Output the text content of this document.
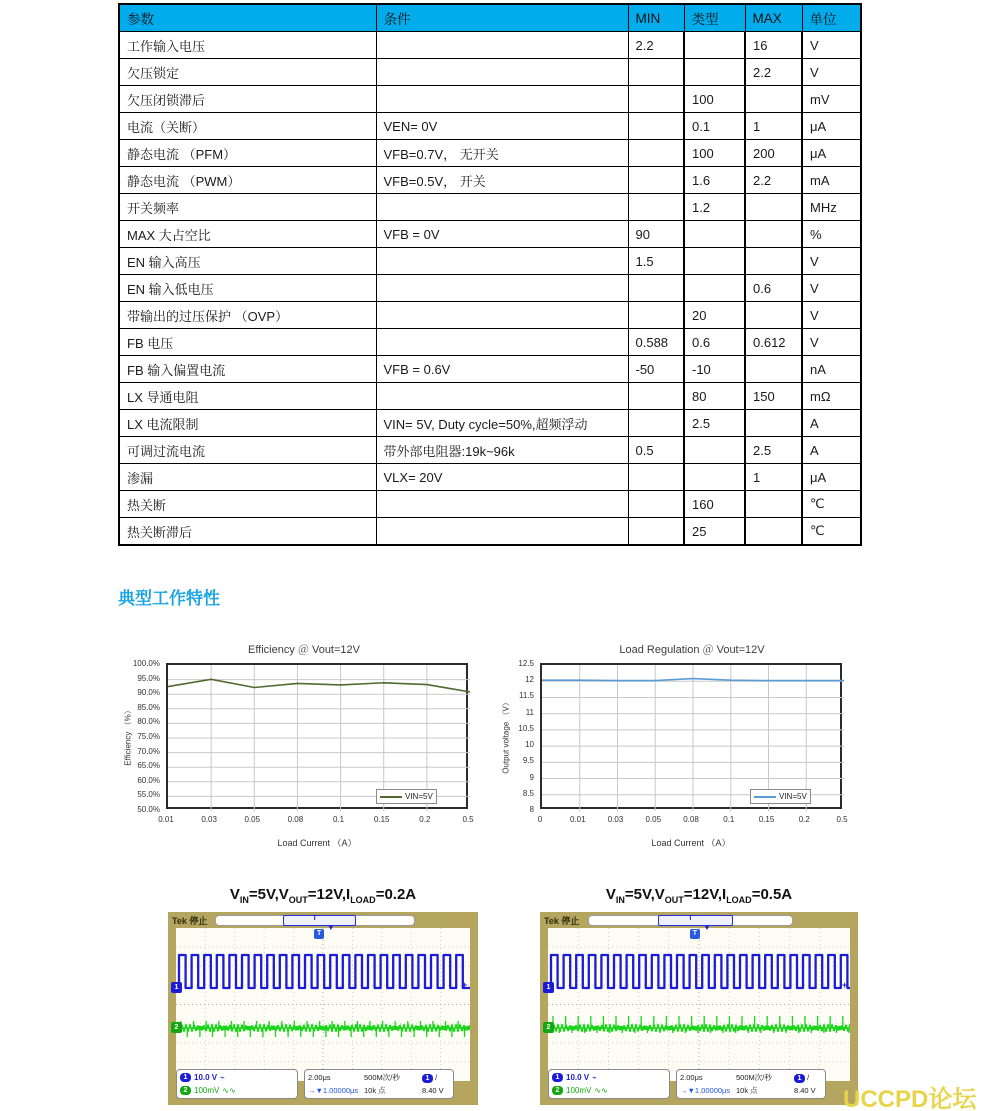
参数	条件	MIN	类型	MAX	单位
工作输入电压		2.2		16	V
欠压锁定				2.2	V
欠压闭锁滞后			100		mV
电流（关断）	VEN= 0V		0.1	1	μA
静态电流 （PFM）	VFB=0.7V， 无开关		100	200	μA
静态电流 （PWM）	VFB=0.5V， 开关		1.6	2.2	mA
开关频率			1.2		MHz
MAX 大占空比	VFB = 0V	90			%
EN 输入高压		1.5			V
EN 输入低电压				0.6	V
带输出的过压保护 （OVP）			20		V
FB 电压		0.588	0.6	0.612	V
FB 输入偏置电流	VFB = 0.6V	-50	-10		nA
LX 导通电阻			80	150	mΩ
LX 电流限制	VIN= 5V, Duty cycle=50%,超频浮动		2.5		A
可调过流电流	带外部电阻器:19k~96k	0.5		2.5	A
渗漏	VLX= 20V			1	μA
热关断			160		℃
热关断滞后			25		℃
典型工作特性
Efficiency ＠ Vout=12V
100.0%
95.0%
90.0%
85.0%
80.0%
75.0%
70.0%
65.0%
60.0%
55.0%
50.0%
0.01	0.03	0.05	0.08	0.1	0.15	0.2	0.5
Load Current （A）
Efficiency （%）
VIN=5V
Load Regulation ＠ Vout=12V
12.5
12
11.5
11
10.5
10
9.5
9
8.5
8
0	0.01	0.03	0.05	0.08	0.1	0.15	0.2	0.5
Load Current （A）
Output voltage （V）
VIN=5V
$V_{IN}=5V,V_{OUT}=12V,I_{LOAD}=0.2A$	$V_{IN}=5V,V_{OUT}=12V,I_{LOAD}=0.5A$
Tek 停止	T
1
2
T
▼
+
1 10.0 V ⌁
2 100mV ∿∿
2.00μs	500M次/秒	1 /
→▼1.00000μs 10k 点	8.40 V
Tek 停止	T
1
2
T
▼
+
1 10.0 V ⌁
2 100mV ∿∿
2.00μs	500M次/秒	1 /
→▼1.00000μs 10k 点	8.40 V UCCPD论坛
